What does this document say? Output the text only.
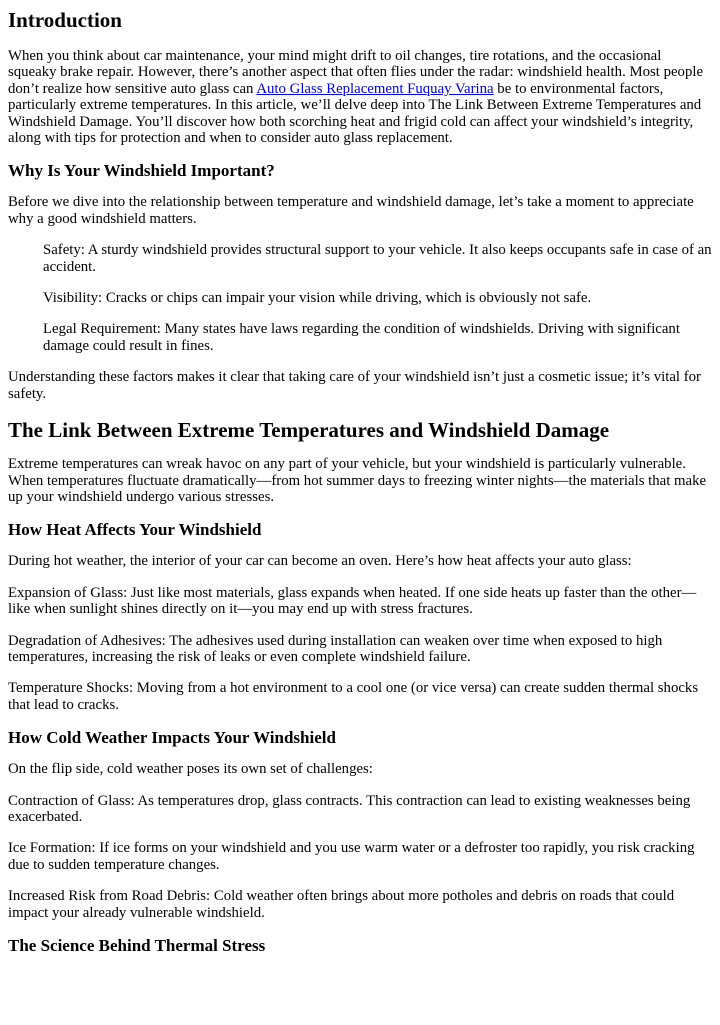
Introduction

When you think about car maintenance, your mind might drift to oil changes, tire rotations, and the occasional squeaky brake repair. However, there’s another aspect that often flies under the radar: windshield health. Most people don’t realize how sensitive auto glass can Auto Glass Replacement Fuquay Varina be to environmental factors, particularly extreme temperatures. In this article, we’ll delve deep into The Link Between Extreme Temperatures and Windshield Damage. You’ll discover how both scorching heat and frigid cold can affect your windshield’s integrity, along with tips for protection and when to consider auto glass replacement.

Why Is Your Windshield Important?

Before we dive into the relationship between temperature and windshield damage, let’s take a moment to appreciate why a good windshield matters.

Safety: A sturdy windshield provides structural support to your vehicle. It also keeps occupants safe in case of an accident.

Visibility: Cracks or chips can impair your vision while driving, which is obviously not safe.

Legal Requirement: Many states have laws regarding the condition of windshields. Driving with significant damage could result in fines.

Understanding these factors makes it clear that taking care of your windshield isn’t just a cosmetic issue; it’s vital for safety.

The Link Between Extreme Temperatures and Windshield Damage

Extreme temperatures can wreak havoc on any part of your vehicle, but your windshield is particularly vulnerable. When temperatures fluctuate dramatically—from hot summer days to freezing winter nights—the materials that make up your windshield undergo various stresses.

How Heat Affects Your Windshield

During hot weather, the interior of your car can become an oven. Here’s how heat affects your auto glass:

Expansion of Glass: Just like most materials, glass expands when heated. If one side heats up faster than the other—like when sunlight shines directly on it—you may end up with stress fractures.

Degradation of Adhesives: The adhesives used during installation can weaken over time when exposed to high temperatures, increasing the risk of leaks or even complete windshield failure.

Temperature Shocks: Moving from a hot environment to a cool one (or vice versa) can create sudden thermal shocks that lead to cracks.

How Cold Weather Impacts Your Windshield

On the flip side, cold weather poses its own set of challenges:

Contraction of Glass: As temperatures drop, glass contracts. This contraction can lead to existing weaknesses being exacerbated.

Ice Formation: If ice forms on your windshield and you use warm water or a defroster too rapidly, you risk cracking due to sudden temperature changes.

Increased Risk from Road Debris: Cold weather often brings about more potholes and debris on roads that could impact your already vulnerable windshield.

The Science Behind Thermal Stress
